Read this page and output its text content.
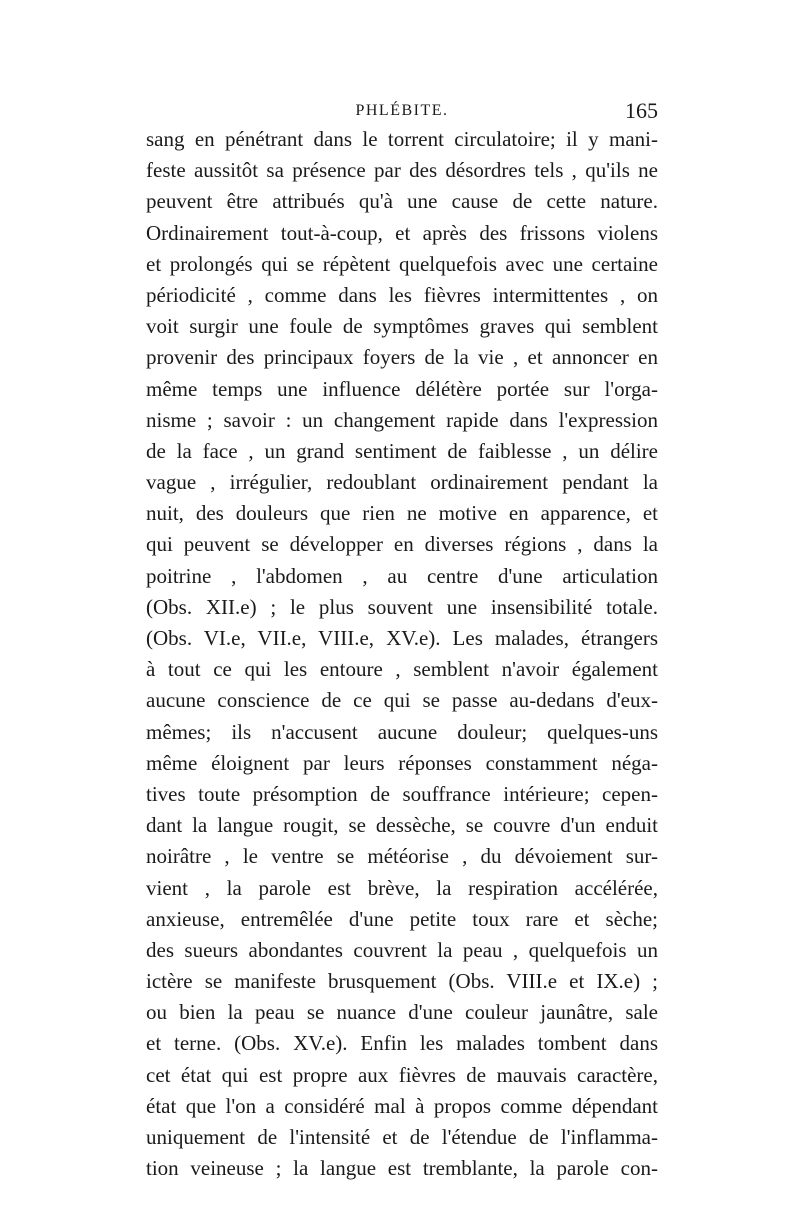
PHLÉBITE.	165
sang en pénétrant dans le torrent circulatoire; il y mani-
feste aussitôt sa présence par des désordres tels , qu'ils ne
peuvent être attribués qu'à une cause de cette nature.
Ordinairement tout-à-coup, et après des frissons violens
et prolongés qui se répètent quelquefois avec une certaine
périodicité , comme dans les fièvres intermittentes , on
voit surgir une foule de symptômes graves qui semblent
provenir des principaux foyers de la vie , et annoncer en
même temps une influence délétère portée sur l'orga-
nisme ; savoir : un changement rapide dans l'expression
de la face , un grand sentiment de faiblesse , un délire
vague , irrégulier, redoublant ordinairement pendant la
nuit, des douleurs que rien ne motive en apparence, et
qui peuvent se développer en diverses régions , dans la
poitrine , l'abdomen , au centre d'une articulation
(Obs. XII.e) ; le plus souvent une insensibilité totale.
(Obs. VI.e, VII.e, VIII.e, XV.e). Les malades, étrangers
à tout ce qui les entoure , semblent n'avoir également
aucune conscience de ce qui se passe au-dedans d'eux-
mêmes; ils n'accusent aucune douleur; quelques-uns
même éloignent par leurs réponses constamment néga-
tives toute présomption de souffrance intérieure; cepen-
dant la langue rougit, se dessèche, se couvre d'un enduit
noirâtre , le ventre se météorise , du dévoiement sur-
vient , la parole est brève, la respiration accélérée,
anxieuse, entremêlée d'une petite toux rare et sèche;
des sueurs abondantes couvrent la peau , quelquefois un
ictère se manifeste brusquement (Obs. VIII.e et IX.e) ;
ou bien la peau se nuance d'une couleur jaunâtre, sale
et terne. (Obs. XV.e). Enfin les malades tombent dans
cet état qui est propre aux fièvres de mauvais caractère,
état que l'on a considéré mal à propos comme dépendant
uniquement de l'intensité et de l'étendue de l'inflamma-
tion veineuse ; la langue est tremblante, la parole con-
